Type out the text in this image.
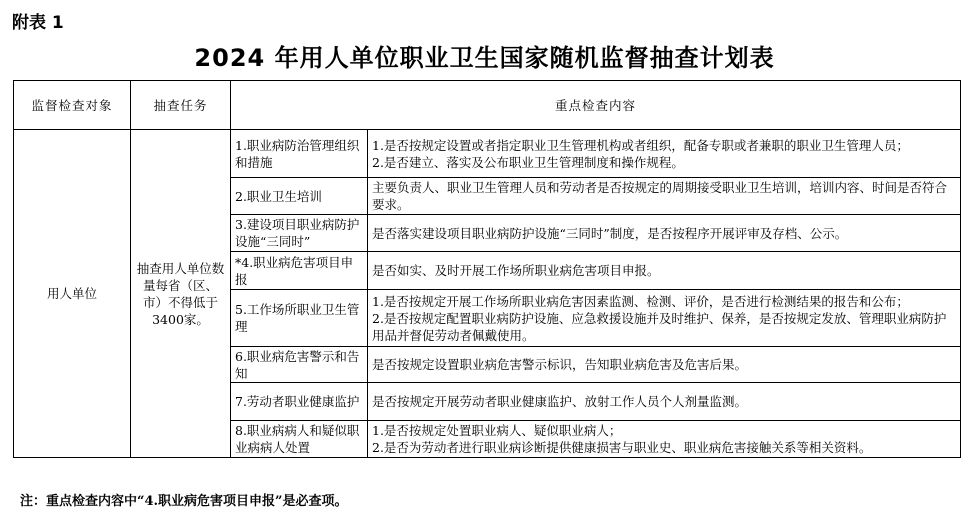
附表 1
2024 年用人单位职业卫生国家随机监督抽查计划表
监督检查对象	抽查任务	重点检查内容	
用人单位	抽查用人单位数量每省（区、市）不得低于3400家。	1.职业病防治管理组织和措施	1.是否按规定设置或者指定职业卫生管理机构或者组织，配备专职或者兼职的职业卫生管理人员；
2.是否建立、落实及公布职业卫生管理制度和操作规程。

		2.职业卫生培训	主要负责人、职业卫生管理人员和劳动者是否按规定的周期接受职业卫生培训，培训内容、时间是否符合要求。

		3.建设项目职业病防护设施“三同时”	是否落实建设项目职业病防护设施“三同时”制度，是否按程序开展评审及存档、公示。

		*4.职业病危害项目申报	是否如实、及时开展工作场所职业病危害项目申报。

		5.工作场所职业卫生管理	1.是否按规定开展工作场所职业病危害因素监测、检测、评价，是否进行检测结果的报告和公布；
2.是否按规定配置职业病防护设施、应急救援设施并及时维护、保养，是否按规定发放、管理职业病防护用品并督促劳动者佩戴使用。

		6.职业病危害警示和告知	是否按规定设置职业病危害警示标识，告知职业病危害及危害后果。

		7.劳动者职业健康监护	是否按规定开展劳动者职业健康监护、放射工作人员个人剂量监测。

		8.职业病病人和疑似职业病病人处置	1.是否按规定处置职业病人、疑似职业病人；
2.是否为劳动者进行职业病诊断提供健康损害与职业史、职业病危害接触关系等相关资料。
注：重点检查内容中“4.职业病危害项目申报”是必查项。
